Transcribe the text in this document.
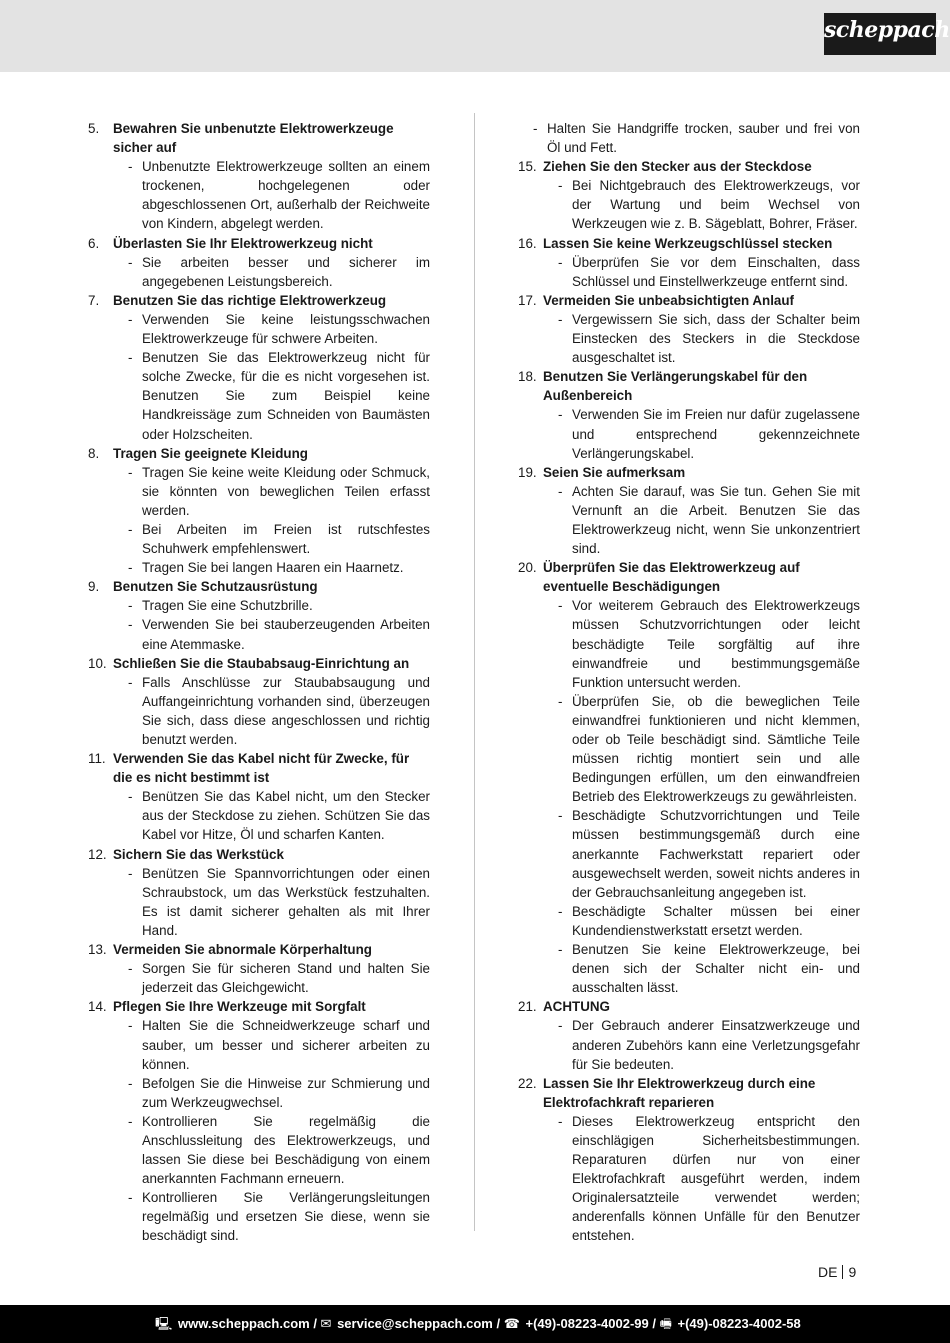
scheppach
5. Bewahren Sie unbenutzte Elektrowerkzeuge sicher auf
- Unbenutzte Elektrowerkzeuge sollten an einem trockenen, hochgelegenen oder abgeschlossenen Ort, außerhalb der Reichweite von Kindern, abgelegt werden.
6. Überlasten Sie Ihr Elektrowerkzeug nicht
- Sie arbeiten besser und sicherer im angegebenen Leistungsbereich.
7. Benutzen Sie das richtige Elektrowerkzeug
- Verwenden Sie keine leistungsschwachen Elektrowerkzeuge für schwere Arbeiten.
- Benutzen Sie das Elektrowerkzeug nicht für solche Zwecke, für die es nicht vorgesehen ist. Benutzen Sie zum Beispiel keine Handkreissäge zum Schneiden von Baumästen oder Holzscheiten.
8. Tragen Sie geeignete Kleidung
- Tragen Sie keine weite Kleidung oder Schmuck, sie könnten von beweglichen Teilen erfasst werden.
- Bei Arbeiten im Freien ist rutschfestes Schuhwerk empfehlenswert.
- Tragen Sie bei langen Haaren ein Haarnetz.
9. Benutzen Sie Schutzausrüstung
- Tragen Sie eine Schutzbrille.
- Verwenden Sie bei stauberzeugenden Arbeiten eine Atemmaske.
10. Schließen Sie die Staubabsaug-Einrichtung an
- Falls Anschlüsse zur Staubabsaugung und Auffangeinrichtung vorhanden sind, überzeugen Sie sich, dass diese angeschlossen und richtig benutzt werden.
11. Verwenden Sie das Kabel nicht für Zwecke, für die es nicht bestimmt ist
- Benützen Sie das Kabel nicht, um den Stecker aus der Steckdose zu ziehen. Schützen Sie das Kabel vor Hitze, Öl und scharfen Kanten.
12. Sichern Sie das Werkstück
- Benützen Sie Spannvorrichtungen oder einen Schraubstock, um das Werkstück festzuhalten. Es ist damit sicherer gehalten als mit Ihrer Hand.
13. Vermeiden Sie abnormale Körperhaltung
- Sorgen Sie für sicheren Stand und halten Sie jederzeit das Gleichgewicht.
14. Pflegen Sie Ihre Werkzeuge mit Sorgfalt
- Halten Sie die Schneidwerkzeuge scharf und sauber, um besser und sicherer arbeiten zu können.
- Befolgen Sie die Hinweise zur Schmierung und zum Werkzeugwechsel.
- Kontrollieren Sie regelmäßig die Anschlussleitung des Elektrowerkzeugs, und lassen Sie diese bei Beschädigung von einem anerkannten Fachmann erneuern.
- Kontrollieren Sie Verlängerungsleitungen regelmäßig und ersetzen Sie diese, wenn sie beschädigt sind.
- Halten Sie Handgriffe trocken, sauber und frei von Öl und Fett.
15. Ziehen Sie den Stecker aus der Steckdose
- Bei Nichtgebrauch des Elektrowerkzeugs, vor der Wartung und beim Wechsel von Werkzeugen wie z. B. Sägeblatt, Bohrer, Fräser.
16. Lassen Sie keine Werkzeugschlüssel stecken
- Überprüfen Sie vor dem Einschalten, dass Schlüssel und Einstellwerkzeuge entfernt sind.
17. Vermeiden Sie unbeabsichtigten Anlauf
- Vergewissern Sie sich, dass der Schalter beim Einstecken des Steckers in die Steckdose ausgeschaltet ist.
18. Benutzen Sie Verlängerungskabel für den Außenbereich
- Verwenden Sie im Freien nur dafür zugelassene und entsprechend gekennzeichnete Verlängerungskabel.
19. Seien Sie aufmerksam
- Achten Sie darauf, was Sie tun. Gehen Sie mit Vernunft an die Arbeit. Benutzen Sie das Elektrowerkzeug nicht, wenn Sie unkonzentriert sind.
20. Überprüfen Sie das Elektrowerkzeug auf eventuelle Beschädigungen
- Vor weiterem Gebrauch des Elektrowerkzeugs müssen Schutzvorrichtungen oder leicht beschädigte Teile sorgfältig auf ihre einwandfreie und bestimmungsgemäße Funktion untersucht werden.
- Überprüfen Sie, ob die beweglichen Teile einwandfrei funktionieren und nicht klemmen, oder ob Teile beschädigt sind. Sämtliche Teile müssen richtig montiert sein und alle Bedingungen erfüllen, um den einwandfreien Betrieb des Elektrowerkzeugs zu gewährleisten.
- Beschädigte Schutzvorrichtungen und Teile müssen bestimmungsgemäß durch eine anerkannte Fachwerkstatt repariert oder ausgewechselt werden, soweit nichts anderes in der Gebrauchsanleitung angegeben ist.
- Beschädigte Schalter müssen bei einer Kundendienstwerkstatt ersetzt werden.
- Benutzen Sie keine Elektrowerkzeuge, bei denen sich der Schalter nicht ein- und ausschalten lässt.
21. ACHTUNG
- Der Gebrauch anderer Einsatzwerkzeuge und anderen Zubehörs kann eine Verletzungsgefahr für Sie bedeuten.
22. Lassen Sie Ihr Elektrowerkzeug durch eine Elektrofachkraft reparieren
- Dieses Elektrowerkzeug entspricht den einschlägigen Sicherheitsbestimmungen. Reparaturen dürfen nur von einer Elektrofachkraft ausgeführt werden, indem Originalersatzteile verwendet werden; anderenfalls können Unfälle für den Benutzer entstehen.
DE 9
🖳 www.scheppach.com / ✉ service@scheppach.com / ☎ +(49)-08223-4002-99 / 🖷 +(49)-08223-4002-58
